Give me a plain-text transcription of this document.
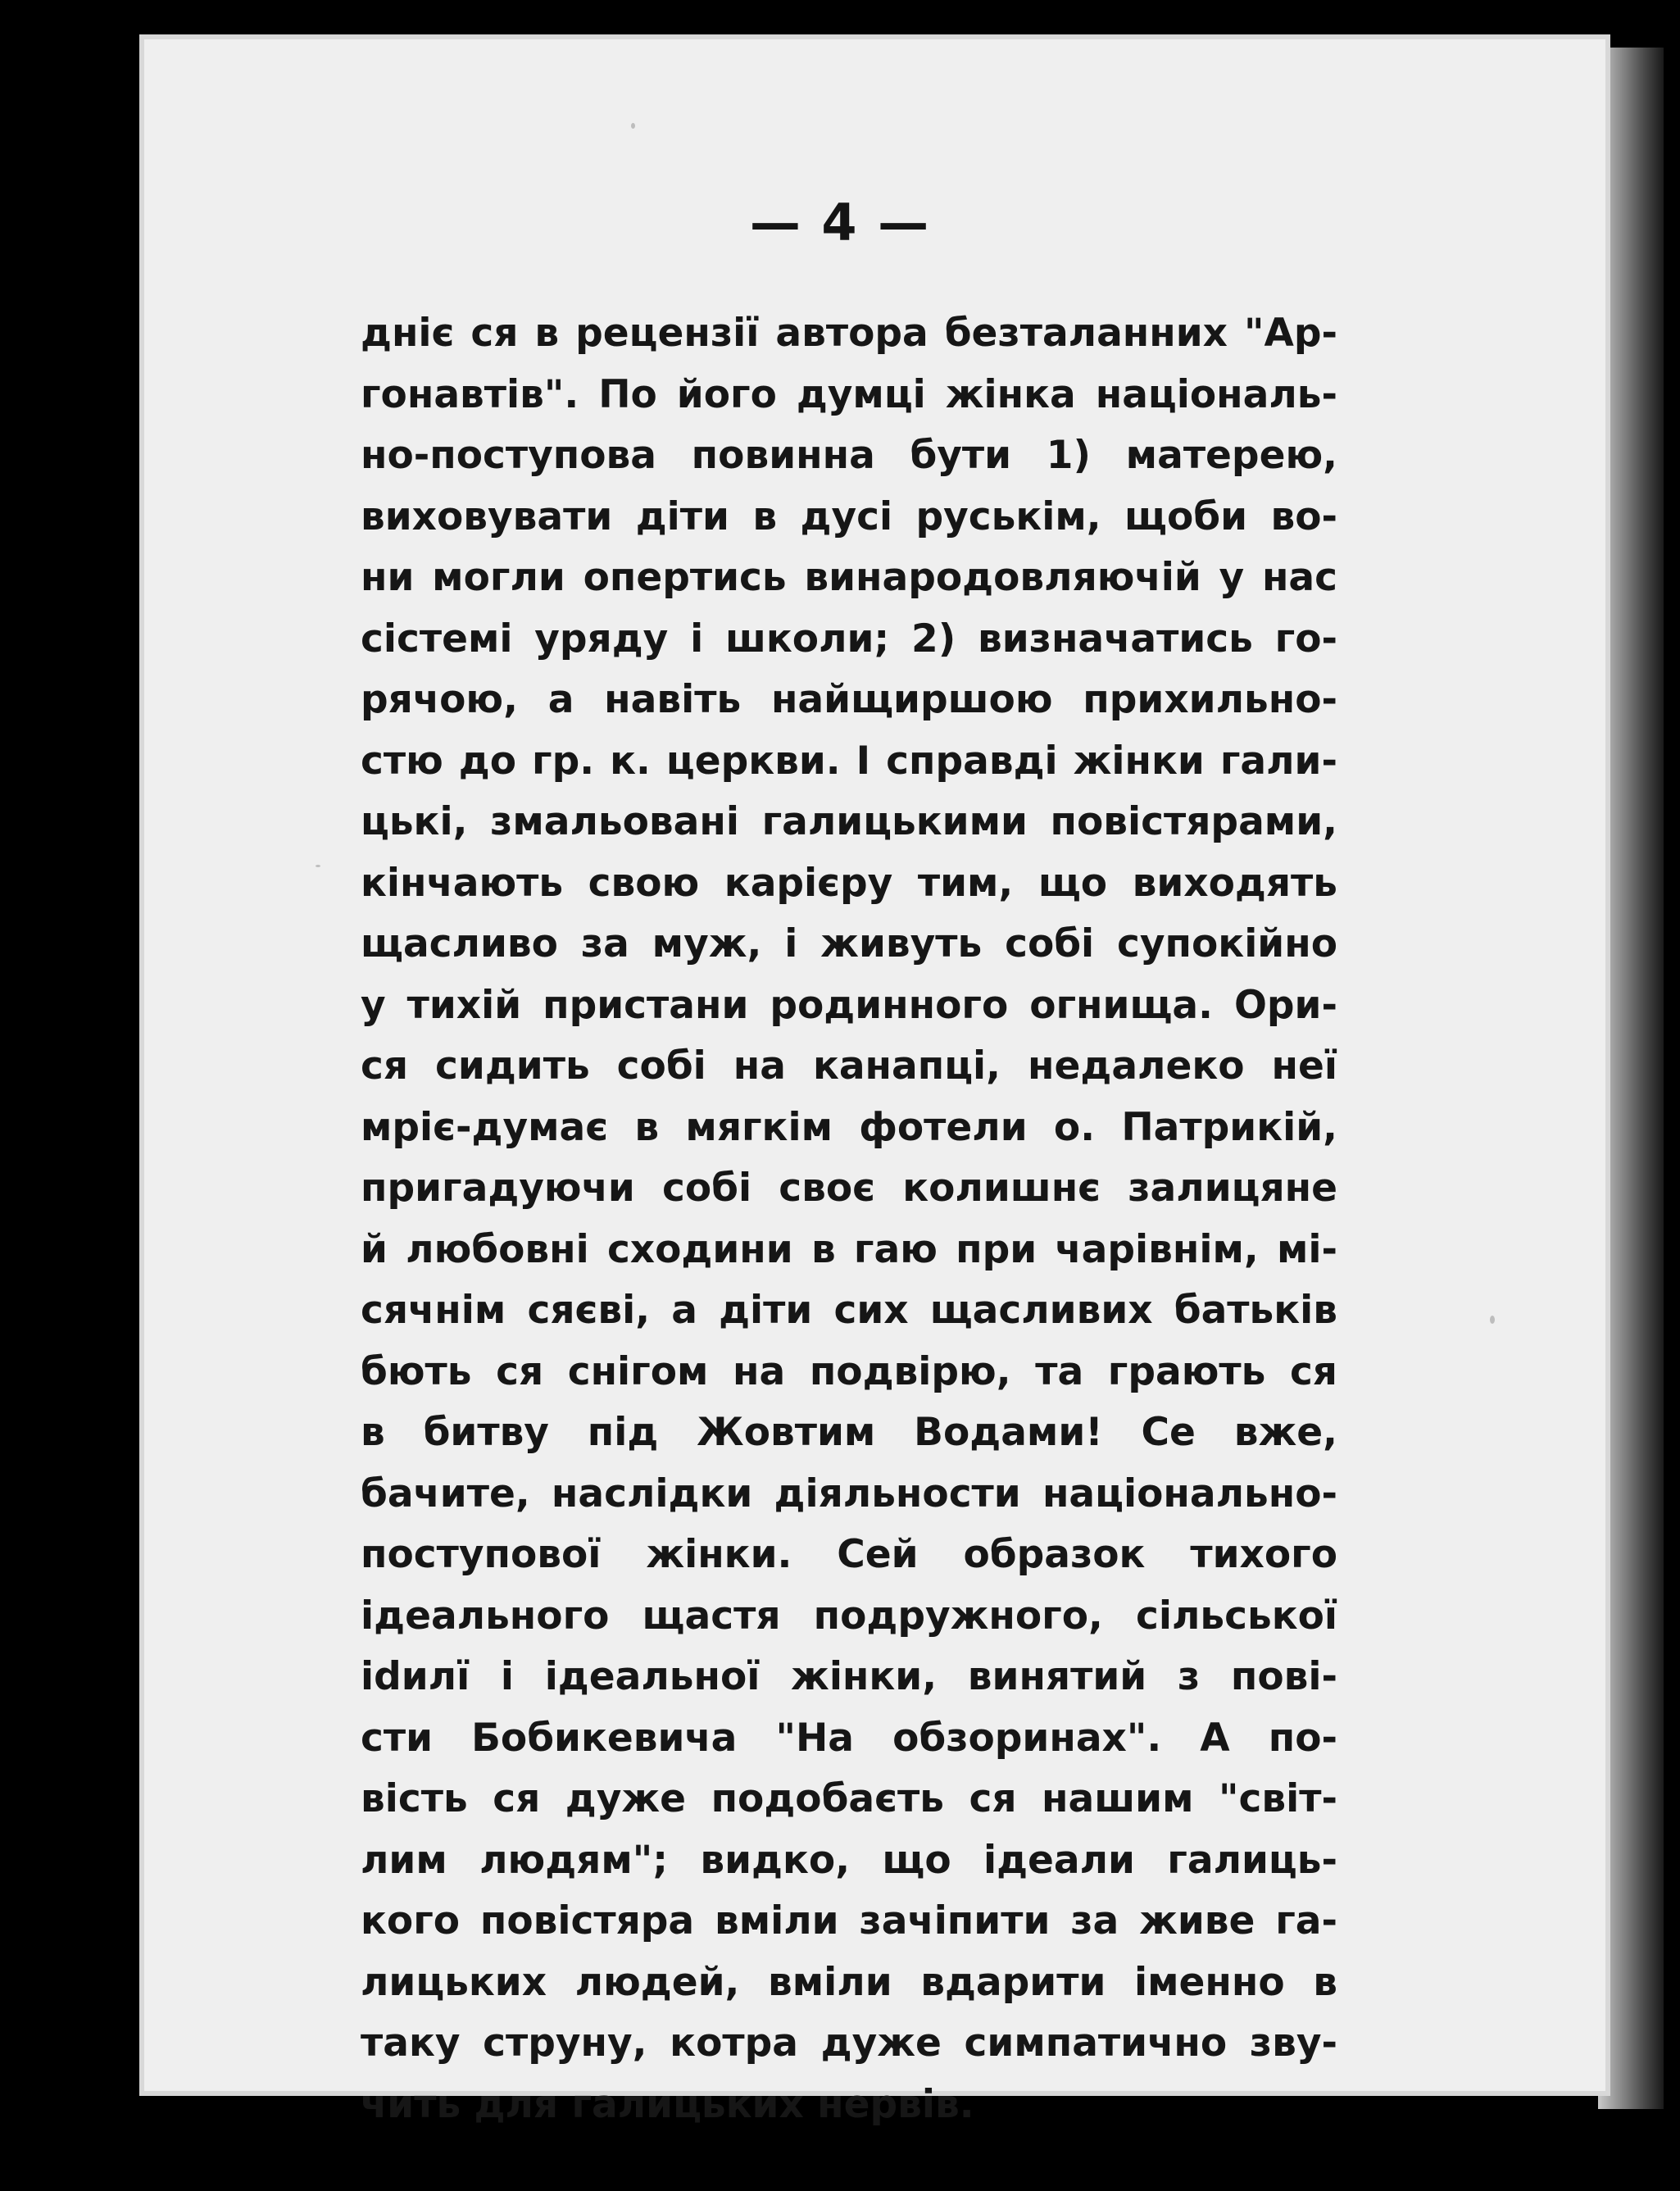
— 4 —
дніє ся в рецензії автора безталанних "Ар-
гонавтів". По його думці жінка національ-
но-поступова повинна бути 1) матерею,
виховувати діти в дусі руськім, щоби во-
ни могли опертись винародовляючій у нас
сістемі уряду і школи; 2) визначатись го-
рячою, а навіть найщиршою прихильно-
стю до гр. к. церкви. І справді жінки гали-
цькі, змальовані галицькими повістярами,
кінчають свою карієру тим, що виходять
щасливо за муж, і живуть собі супокійно
у тихій пристани родинного огнища. Ори-
ся сидить собі на канапці, недалеко неї
мріє-думає в мягкім фотели о. Патрикій,
пригадуючи собі своє колишнє залицяне
й любовні сходини в гаю при чарівнім, мі-
сячнім сяєві, а діти сих щасливих батьків
бють ся снігом на подвірю, та грають ся
в битву під Жовтим Водами! Се вже,
бачите, наслідки діяльности національно-
поступової жінки. Сей образок тихого
ідеального щастя подружного, сільської
idилї і ідеальної жінки, винятий з пові-
сти Бобикевича "На обзоринах". А по-
вість ся дуже подобаєть ся нашим "світ-
лим людям"; видко, що ідеали галиць-
кого повістяра вміли зачіпити за живе га-
лицьких людей, вміли вдарити іменно в
таку струну, котра дуже симпатично зву-
чить для галицьких нервів.
